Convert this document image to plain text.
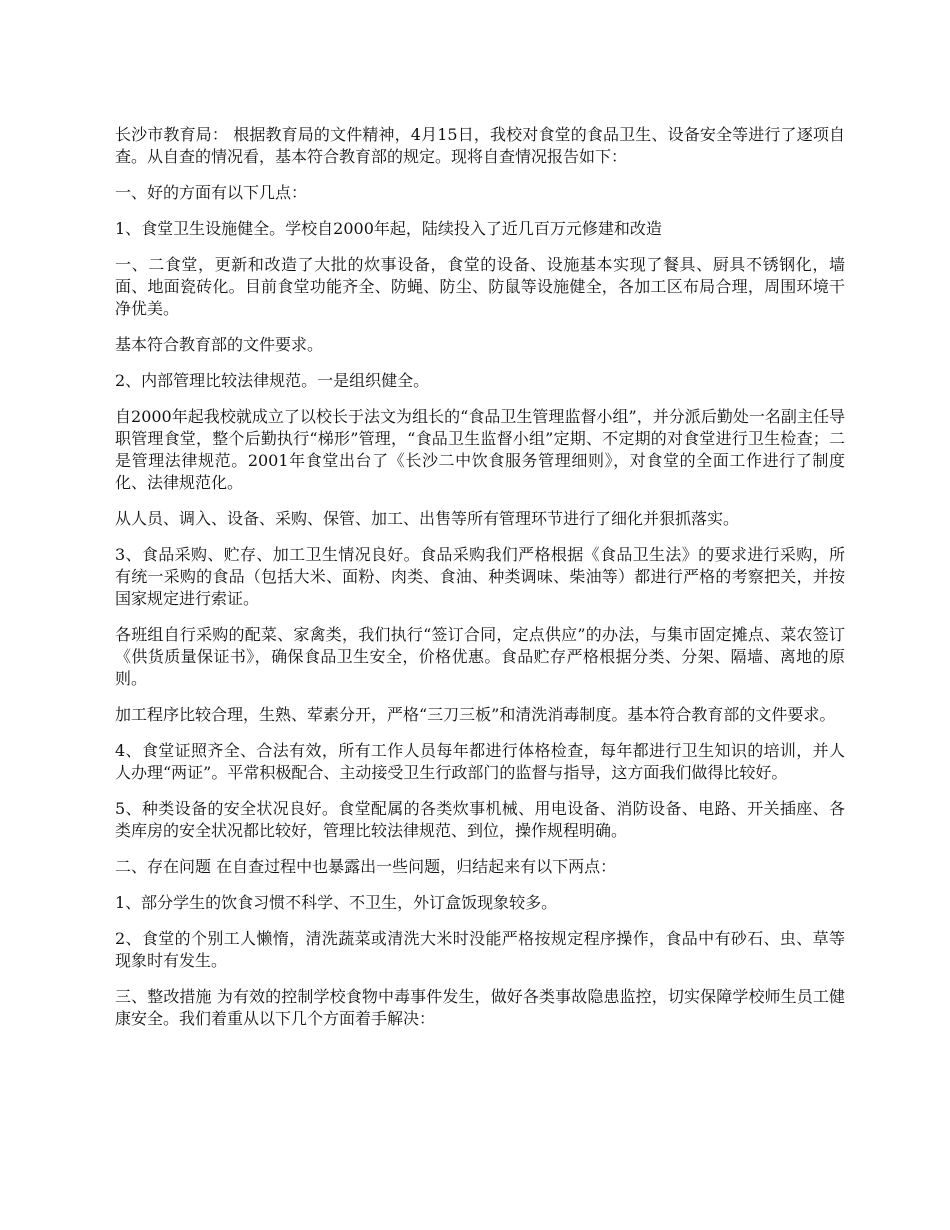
长沙市教育局： 根据教育局的文件精神，4月15日，我校对食堂的食品卫生、设备安全等进行了逐项自查。从自查的情况看，基本符合教育部的规定。现将自查情况报告如下：

一、好的方面有以下几点：

1、食堂卫生设施健全。学校自2000年起，陆续投入了近几百万元修建和改造

一、二食堂，更新和改造了大批的炊事设备，食堂的设备、设施基本实现了餐具、厨具不锈钢化，墙面、地面瓷砖化。目前食堂功能齐全、防蝇、防尘、防鼠等设施健全，各加工区布局合理，周围环境干净优美。

基本符合教育部的文件要求。

2、内部管理比较法律规范。一是组织健全。

自2000年起我校就成立了以校长于法文为组长的“食品卫生管理监督小组”，并分派后勤处一名副主任导职管理食堂，整个后勤执行“梯形”管理，“食品卫生监督小组”定期、不定期的对食堂进行卫生检查；二是管理法律规范。2001年食堂出台了《长沙二中饮食服务管理细则》，对食堂的全面工作进行了制度化、法律规范化。

从人员、调入、设备、采购、保管、加工、出售等所有管理环节进行了细化并狠抓落实。

3、食品采购、贮存、加工卫生情况良好。食品采购我们严格根据《食品卫生法》的要求进行采购，所有统一采购的食品（包括大米、面粉、肉类、食油、种类调味、柴油等）都进行严格的考察把关，并按国家规定进行索证。

各班组自行采购的配菜、家禽类，我们执行“签订合同，定点供应”的办法，与集市固定摊点、菜农签订《供货质量保证书》，确保食品卫生安全，价格优惠。食品贮存严格根据分类、分架、隔墙、离地的原则。

加工程序比较合理，生熟、荤素分开，严格“三刀三板”和清洗消毒制度。基本符合教育部的文件要求。

4、食堂证照齐全、合法有效，所有工作人员每年都进行体格检查，每年都进行卫生知识的培训，并人人办理“两证”。平常积极配合、主动接受卫生行政部门的监督与指导，这方面我们做得比较好。

5、种类设备的安全状况良好。食堂配属的各类炊事机械、用电设备、消防设备、电路、开关插座、各类库房的安全状况都比较好，管理比较法律规范、到位，操作规程明确。

二、存在问题 在自查过程中也暴露出一些问题，归结起来有以下两点：

1、部分学生的饮食习惯不科学、不卫生，外订盒饭现象较多。

2、食堂的个别工人懒惰，清洗蔬菜或清洗大米时没能严格按规定程序操作，食品中有砂石、虫、草等现象时有发生。

三、整改措施 为有效的控制学校食物中毒事件发生，做好各类事故隐患监控，切实保障学校师生员工健康安全。我们着重从以下几个方面着手解决：
